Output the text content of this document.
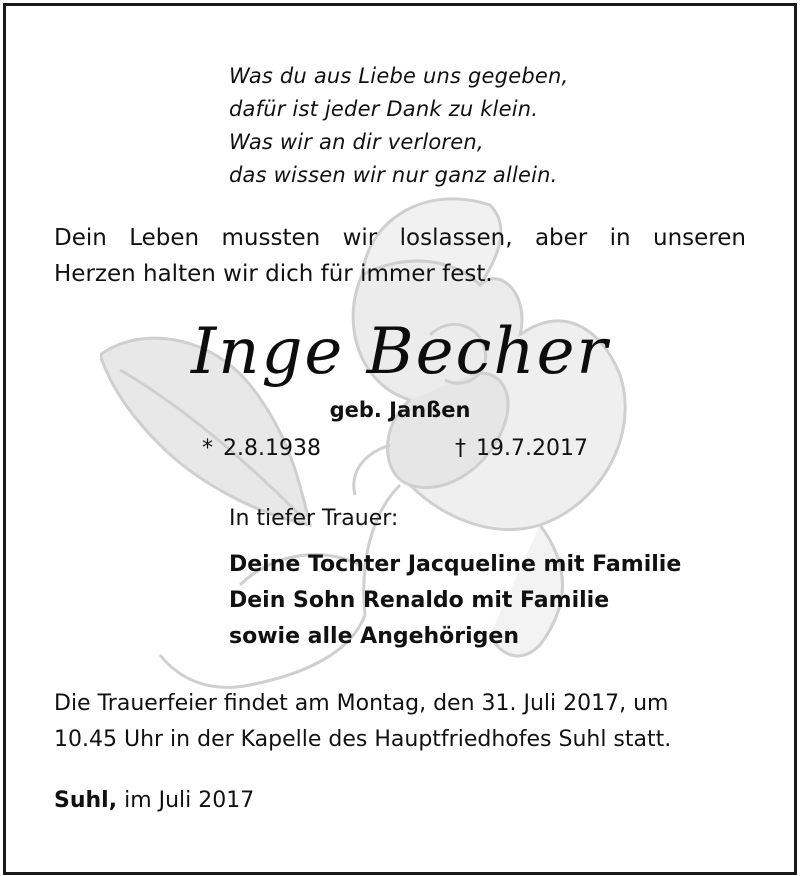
Was du aus Liebe uns gegeben,
dafür ist jeder Dank zu klein.
Was wir an dir verloren,
das wissen wir nur ganz allein.
Dein Leben mussten wir loslassen, aber in unseren
Herzen halten wir dich für immer fest.
Inge Becher
geb. Janßen
* 2.8.1938	† 19.7.2017
In tiefer Trauer:
Deine Tochter Jacqueline mit Familie
Dein Sohn Renaldo mit Familie
sowie alle Angehörigen
Die Trauerfeier findet am Montag, den 31. Juli 2017, um
10.45 Uhr in der Kapelle des Hauptfriedhofes Suhl statt.
Suhl, im Juli 2017
